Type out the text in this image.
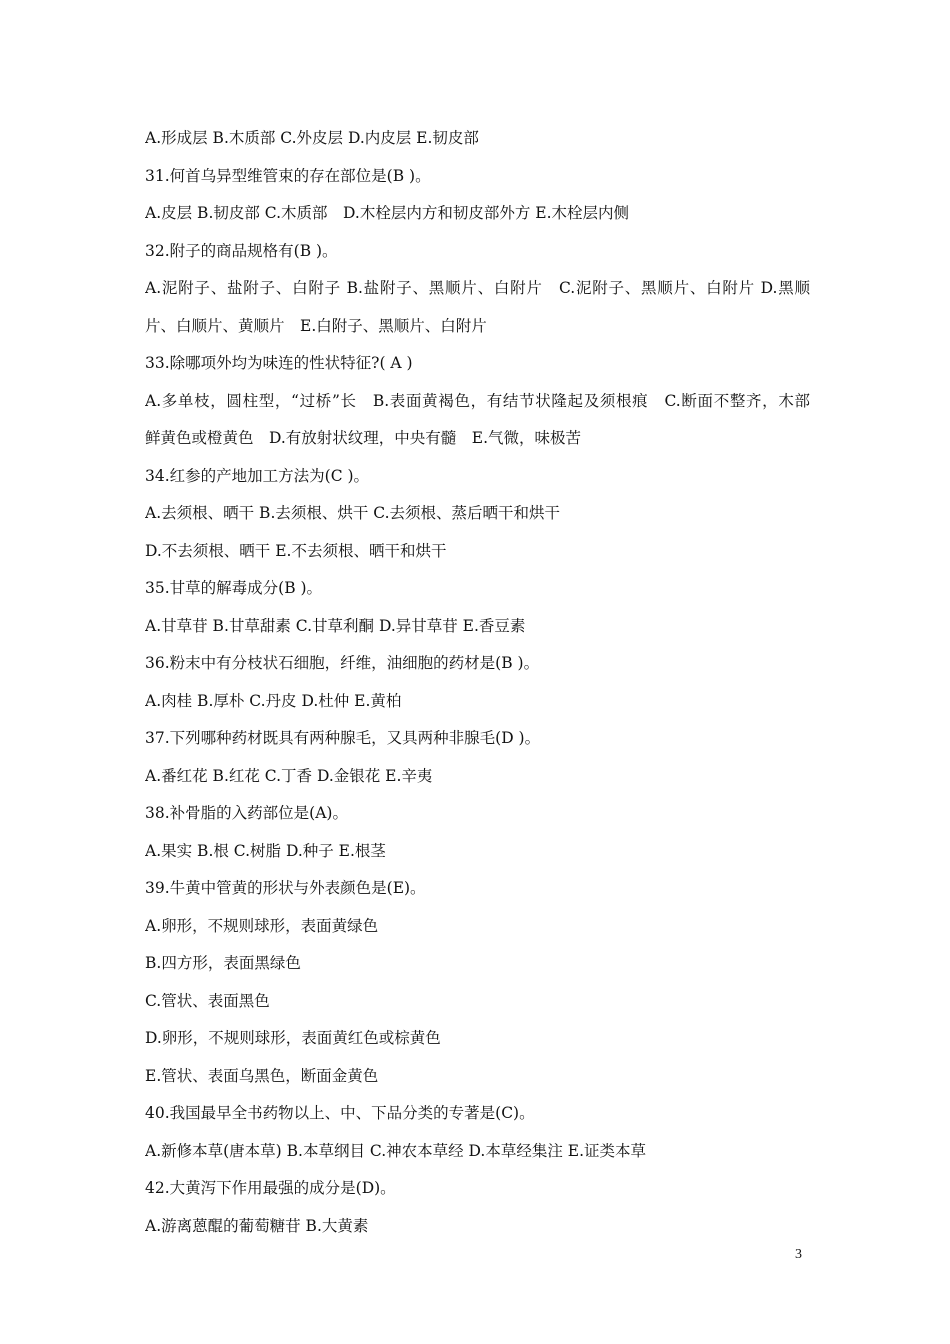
A.形成层 B.木质部 C.外皮层 D.内皮层 E.韧皮部
31.何首乌异型维管束的存在部位是(B )。
A.皮层 B.韧皮部 C.木质部　D.木栓层内方和韧皮部外方 E.木栓层内侧
32.附子的商品规格有(B )。
A.泥附子、盐附子、白附子 B.盐附子、黑顺片、白附片　C.泥附子、黑顺片、白附片 D.黑顺
片、白顺片、黄顺片　E.白附子、黑顺片、白附片
33.除哪项外均为味连的性状特征?( A )
A.多单枝，圆柱型，“过桥”长　B.表面黄褐色，有结节状隆起及须根痕　C.断面不整齐，木部
鲜黄色或橙黄色　D.有放射状纹理，中央有髓　E.气微，味极苦
34.红参的产地加工方法为(C )。
A.去须根、晒干 B.去须根、烘干 C.去须根、蒸后晒干和烘干
D.不去须根、晒干 E.不去须根、晒干和烘干
35.甘草的解毒成分(B )。
A.甘草苷 B.甘草甜素 C.甘草利酮 D.异甘草苷 E.香豆素
36.粉末中有分枝状石细胞，纤维，油细胞的药材是(B )。
A.肉桂 B.厚朴 C.丹皮 D.杜仲 E.黄柏
37.下列哪种药材既具有两种腺毛，又具两种非腺毛(D )。
A.番红花 B.红花 C.丁香 D.金银花 E.辛夷
38.补骨脂的入药部位是(A)。
A.果实 B.根 C.树脂 D.种子 E.根茎
39.牛黄中管黄的形状与外表颜色是(E)。
A.卵形，不规则球形，表面黄绿色
B.四方形，表面黑绿色
C.管状、表面黑色
D.卵形，不规则球形，表面黄红色或棕黄色
E.管状、表面乌黑色，断面金黄色
40.我国最早全书药物以上、中、下品分类的专著是(C)。
A.新修本草(唐本草) B.本草纲目 C.神农本草经 D.本草经集注 E.证类本草
42.大黄泻下作用最强的成分是(D)。
A.游离蒽醌的葡萄糖苷 B.大黄素
3
